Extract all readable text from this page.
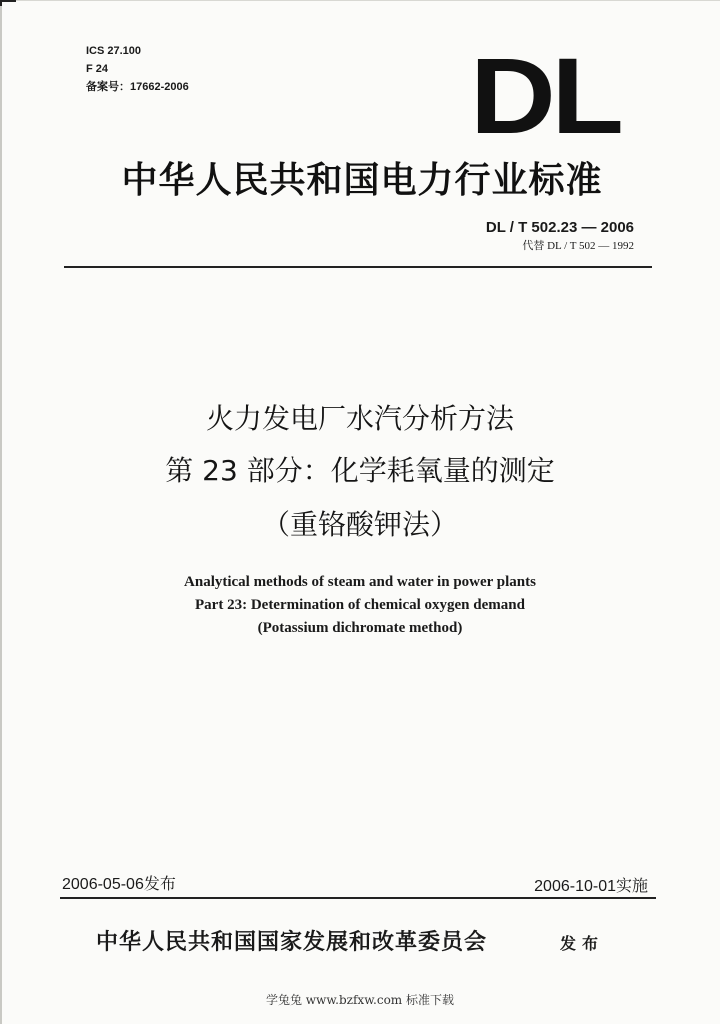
ICS 27.100
F 24
备案号：17662-2006	DL
中华人民共和国电力行业标准
DL / T 502.23 — 2006
代替 DL / T 502 — 1992
火力发电厂水汽分析方法
第 23 部分：化学耗氧量的测定
（重铬酸钾法）
Analytical methods of steam and water in power plants
Part 23: Determination of chemical oxygen demand
(Potassium dichromate method)
2006-05-06发布	2006-10-01实施
中华人民共和国国家发展和改革委员会	发布
学兔兔 www.bzfxw.com 标准下载
